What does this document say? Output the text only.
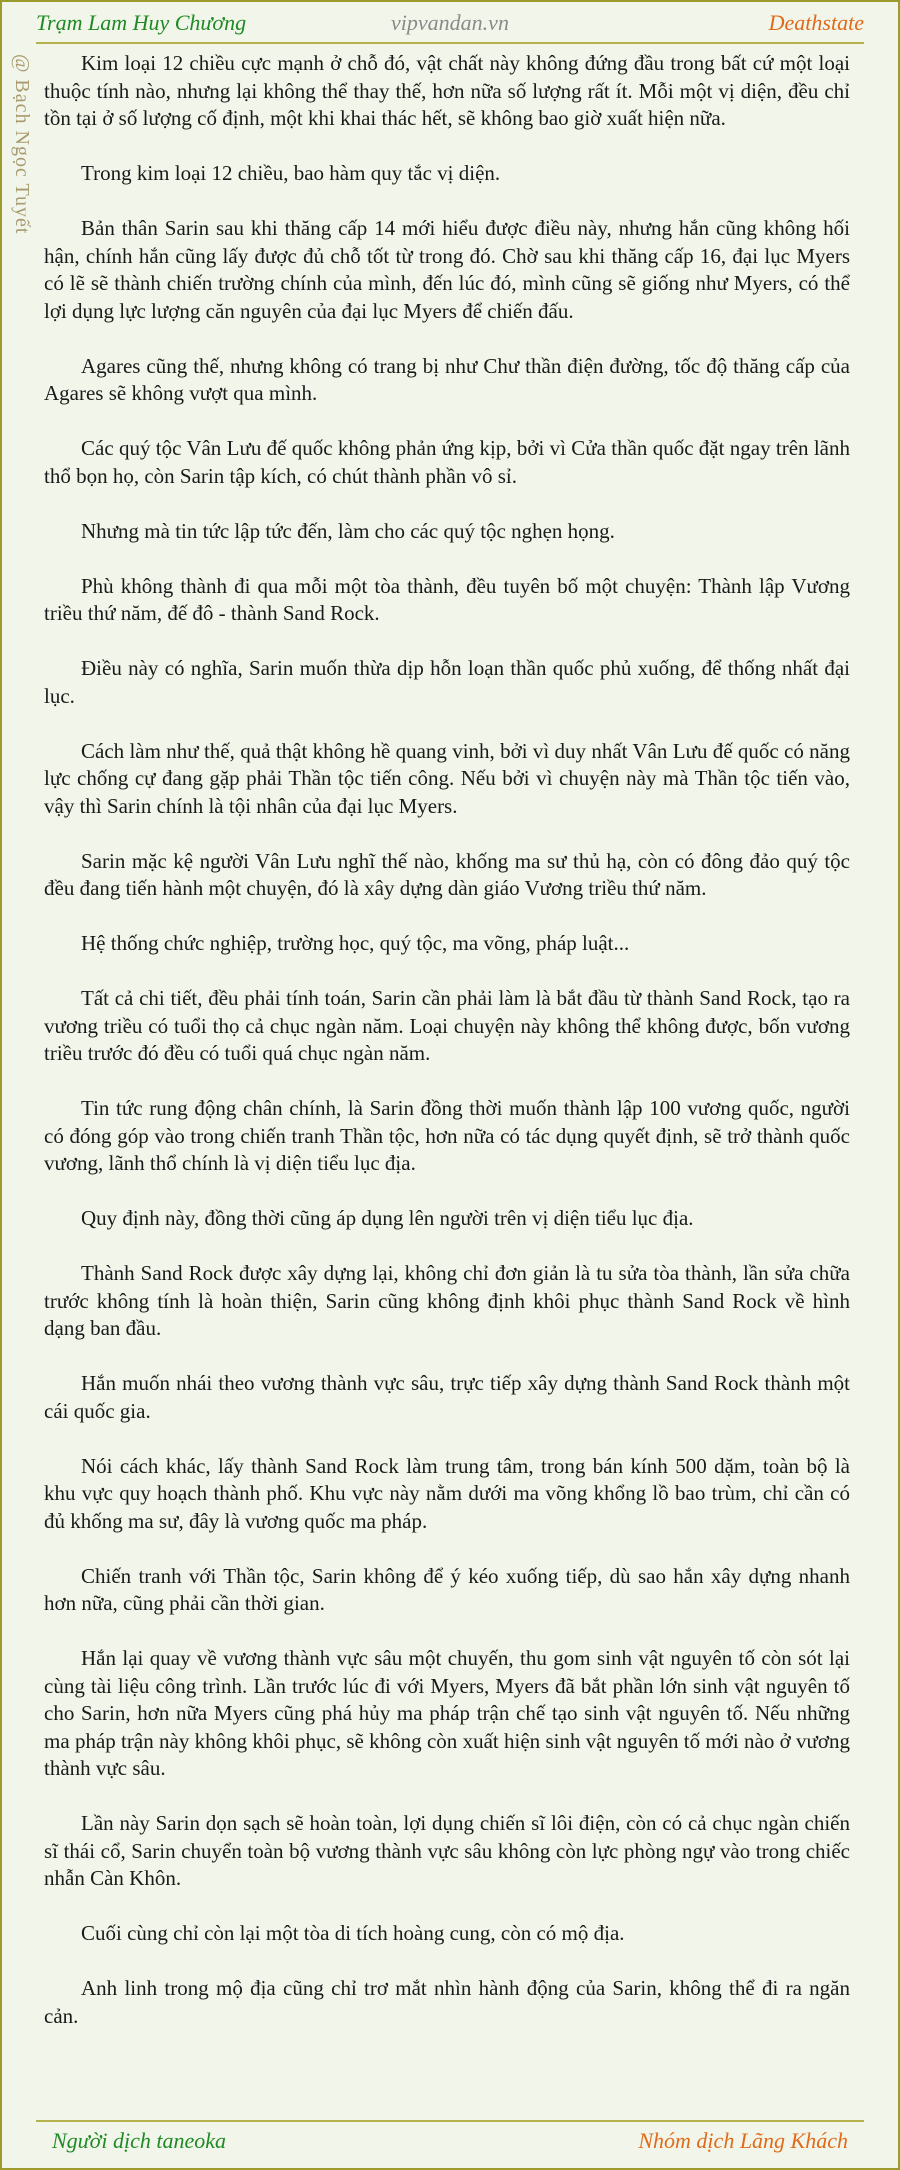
Trạm Lam Huy Chương	vipvandan.vn	Deathstate
@ Bạch Ngọc Tuyết	Kim loại 12 chiều cực mạnh ở chỗ đó, vật chất này không đứng đầu trong bất cứ một loại thuộc tính nào, nhưng lại không thể thay thế, hơn nữa số lượng rất ít. Mỗi một vị diện, đều chỉ tồn tại ở số lượng cố định, một khi khai thác hết, sẽ không bao giờ xuất hiện nữa.

Trong kim loại 12 chiều, bao hàm quy tắc vị diện.

Bản thân Sarin sau khi thăng cấp 14 mới hiểu được điều này, nhưng hắn cũng không hối hận, chính hắn cũng lấy được đủ chỗ tốt từ trong đó. Chờ sau khi thăng cấp 16, đại lục Myers có lẽ sẽ thành chiến trường chính của mình, đến lúc đó, mình cũng sẽ giống như Myers, có thể lợi dụng lực lượng căn nguyên của đại lục Myers để chiến đấu.

Agares cũng thế, nhưng không có trang bị như Chư thần điện đường, tốc độ thăng cấp của Agares sẽ không vượt qua mình.

Các quý tộc Vân Lưu đế quốc không phản ứng kịp, bởi vì Cửa thần quốc đặt ngay trên lãnh thổ bọn họ, còn Sarin tập kích, có chút thành phần vô sỉ.

Nhưng mà tin tức lập tức đến, làm cho các quý tộc nghẹn họng.

Phù không thành đi qua mỗi một tòa thành, đều tuyên bố một chuyện: Thành lập Vương triều thứ năm, đế đô - thành Sand Rock.

Điều này có nghĩa, Sarin muốn thừa dịp hỗn loạn thần quốc phủ xuống, để thống nhất đại lục.

Cách làm như thế, quả thật không hề quang vinh, bởi vì duy nhất Vân Lưu đế quốc có năng lực chống cự đang gặp phải Thần tộc tiến công. Nếu bởi vì chuyện này mà Thần tộc tiến vào, vậy thì Sarin chính là tội nhân của đại lục Myers.

Sarin mặc kệ người Vân Lưu nghĩ thế nào, khống ma sư thủ hạ, còn có đông đảo quý tộc đều đang tiến hành một chuyện, đó là xây dựng dàn giáo Vương triều thứ năm.

Hệ thống chức nghiệp, trường học, quý tộc, ma võng, pháp luật...

Tất cả chi tiết, đều phải tính toán, Sarin cần phải làm là bắt đầu từ thành Sand Rock, tạo ra vương triều có tuổi thọ cả chục ngàn năm. Loại chuyện này không thể không được, bốn vương triều trước đó đều có tuổi quá chục ngàn năm.

Tin tức rung động chân chính, là Sarin đồng thời muốn thành lập 100 vương quốc, người có đóng góp vào trong chiến tranh Thần tộc, hơn nữa có tác dụng quyết định, sẽ trở thành quốc vương, lãnh thổ chính là vị diện tiểu lục địa.

Quy định này, đồng thời cũng áp dụng lên người trên vị diện tiểu lục địa.

Thành Sand Rock được xây dựng lại, không chỉ đơn giản là tu sửa tòa thành, lần sửa chữa trước không tính là hoàn thiện, Sarin cũng không định khôi phục thành Sand Rock về hình dạng ban đầu.

Hắn muốn nhái theo vương thành vực sâu, trực tiếp xây dựng thành Sand Rock thành một cái quốc gia.

Nói cách khác, lấy thành Sand Rock làm trung tâm, trong bán kính 500 dặm, toàn bộ là khu vực quy hoạch thành phố. Khu vực này nằm dưới ma võng khổng lồ bao trùm, chỉ cần có đủ khống ma sư, đây là vương quốc ma pháp.

Chiến tranh với Thần tộc, Sarin không để ý kéo xuống tiếp, dù sao hắn xây dựng nhanh hơn nữa, cũng phải cần thời gian.

Hắn lại quay về vương thành vực sâu một chuyến, thu gom sinh vật nguyên tố còn sót lại cùng tài liệu công trình. Lần trước lúc đi với Myers, Myers đã bắt phần lớn sinh vật nguyên tố cho Sarin, hơn nữa Myers cũng phá hủy ma pháp trận chế tạo sinh vật nguyên tố. Nếu những ma pháp trận này không khôi phục, sẽ không còn xuất hiện sinh vật nguyên tố mới nào ở vương thành vực sâu.

Lần này Sarin dọn sạch sẽ hoàn toàn, lợi dụng chiến sĩ lôi điện, còn có cả chục ngàn chiến sĩ thái cổ, Sarin chuyển toàn bộ vương thành vực sâu không còn lực phòng ngự vào trong chiếc nhẫn Càn Khôn.

Cuối cùng chỉ còn lại một tòa di tích hoàng cung, còn có mộ địa.

Anh linh trong mộ địa cũng chỉ trơ mắt nhìn hành động của Sarin, không thể đi ra ngăn cản.

Người dịch taneoka	Nhóm dịch Lãng Khách
